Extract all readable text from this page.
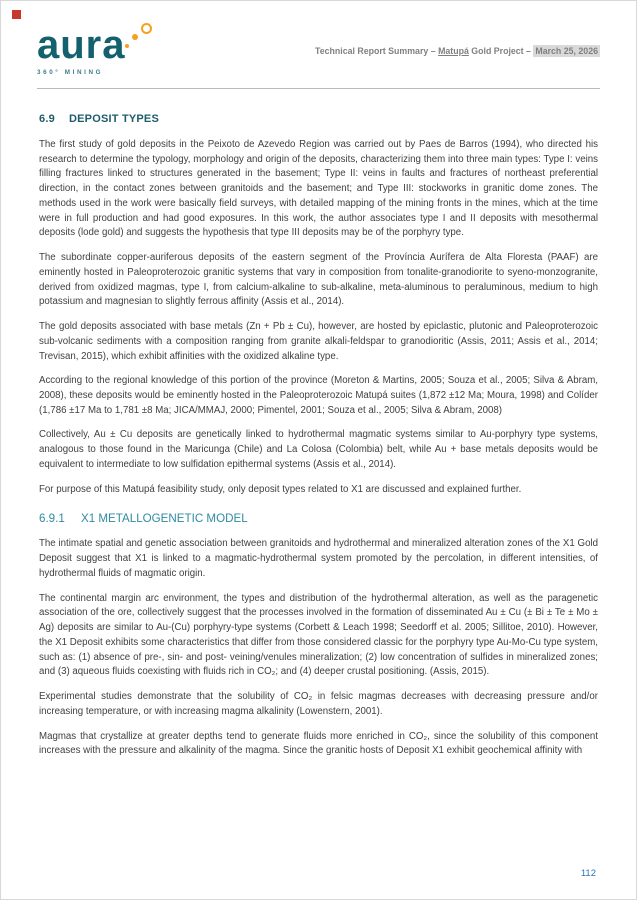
aura
360° MINING
Technical Report Summary – Matupá Gold Project – March 25, 2026
6.9 DEPOSIT TYPES

The first study of gold deposits in the Peixoto de Azevedo Region was carried out by Paes de Barros (1994), who directed his research to determine the typology, morphology and origin of the deposits, characterizing them into three main types: Type I: veins filling fractures linked to structures generated in the basement; Type II: veins in faults and fractures of northeast preferential direction, in the contact zones between granitoids and the basement; and Type III: stockworks in granitic dome zones. The methods used in the work were basically field surveys, with detailed mapping of the mining fronts in the mines, which at the time were in full production and had good exposures. In this work, the author associates type I and II deposits with mesothermal deposits (lode gold) and suggests the hypothesis that type III deposits may be of the porphyry type.

The subordinate copper-auriferous deposits of the eastern segment of the Província Aurífera de Alta Floresta (PAAF) are eminently hosted in Paleoproterozoic granitic systems that vary in composition from tonalite-granodiorite to syeno-monzogranite, derived from oxidized magmas, type I, from calcium-alkaline to sub-alkaline, meta-aluminous to peraluminous, medium to high potassium and magnesian to slightly ferrous affinity (Assis et al., 2014).

The gold deposits associated with base metals (Zn + Pb ± Cu), however, are hosted by epiclastic, plutonic and Paleoproterozoic sub-volcanic sediments with a composition ranging from granite alkali-feldspar to granodioritic (Assis, 2011; Assis et al., 2014; Trevisan, 2015), which exhibit affinities with the oxidized alkaline type.

According to the regional knowledge of this portion of the province (Moreton & Martins, 2005; Souza et al., 2005; Silva & Abram, 2008), these deposits would be eminently hosted in the Paleoproterozoic Matupá suites (1,872 ±12 Ma; Moura, 1998) and Colíder (1,786 ±17 Ma to 1,781 ±8 Ma; JICA/MMAJ, 2000; Pimentel, 2001; Souza et al., 2005; Silva & Abram, 2008)

Collectively, Au ± Cu deposits are genetically linked to hydrothermal magmatic systems similar to Au-porphyry type systems, analogous to those found in the Maricunga (Chile) and La Colosa (Colombia) belt, while Au + base metals deposits would be equivalent to intermediate to low sulfidation epithermal systems (Assis et al., 2014).

For purpose of this Matupá feasibility study, only deposit types related to X1 are discussed and explained further.

6.9.1 X1 METALLOGENETIC MODEL

The intimate spatial and genetic association between granitoids and hydrothermal and mineralized alteration zones of the X1 Gold Deposit suggest that X1 is linked to a magmatic-hydrothermal system promoted by the percolation, in different intensities, of hydrothermal fluids of magmatic origin.

The continental margin arc environment, the types and distribution of the hydrothermal alteration, as well as the paragenetic association of the ore, collectively suggest that the processes involved in the formation of disseminated Au ± Cu (± Bi ± Te ± Mo ± Ag) deposits are similar to Au-(Cu) porphyry-type systems (Corbett & Leach 1998; Seedorff et al. 2005; Sillitoe, 2010). However, the X1 Deposit exhibits some characteristics that differ from those considered classic for the porphyry type Au-Mo-Cu type system, such as: (1) absence of pre-, sin- and post- veining/venules mineralization; (2) low concentration of sulfides in mineralized zones; and (3) aqueous fluids coexisting with fluids rich in CO₂; and (4) deeper crustal positioning. (Assis, 2015).

Experimental studies demonstrate that the solubility of CO₂ in felsic magmas decreases with decreasing pressure and/or increasing temperature, or with increasing magma alkalinity (Lowenstern, 2001).

Magmas that crystallize at greater depths tend to generate fluids more enriched in CO₂, since the solubility of this component increases with the pressure and alkalinity of the magma. Since the granitic hosts of Deposit X1 exhibit geochemical affinity with

112
